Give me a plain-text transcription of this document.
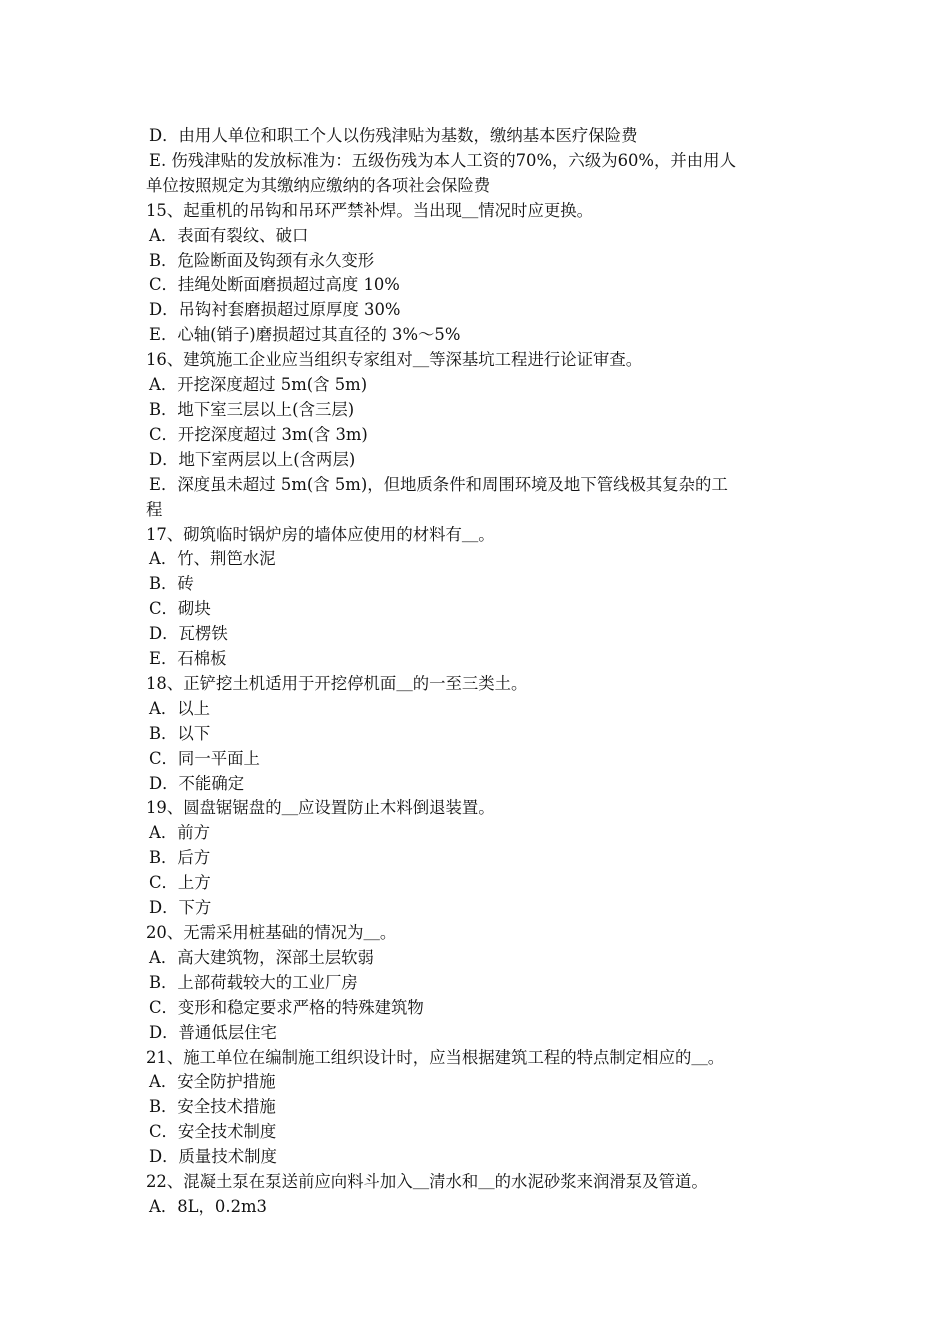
D．由用人单位和职工个人以伤残津贴为基数，缴纳基本医疗保险费
E. 伤残津贴的发放标准为：五级伤残为本人工资的70%，六级为60%，并由用人
单位按照规定为其缴纳应缴纳的各项社会保险费
15、起重机的吊钩和吊环严禁补焊。当出现＿情况时应更换。
A．表面有裂纹、破口
B．危险断面及钩颈有永久变形
C．挂绳处断面磨损超过高度 10%
D．吊钩衬套磨损超过原厚度 30%
E．心轴(销子)磨损超过其直径的 3%～5%
16、建筑施工企业应当组织专家组对＿等深基坑工程进行论证审查。
A．开挖深度超过 5m(含 5m)
B．地下室三层以上(含三层)
C．开挖深度超过 3m(含 3m)
D．地下室两层以上(含两层)
E．深度虽未超过 5m(含 5m)，但地质条件和周围环境及地下管线极其复杂的工
程
17、砌筑临时锅炉房的墙体应使用的材料有＿。
A．竹、荆笆水泥
B．砖
C．砌块
D．瓦楞铁
E．石棉板
18、正铲挖土机适用于开挖停机面＿的一至三类土。
A．以上
B．以下
C．同一平面上
D．不能确定
19、圆盘锯锯盘的＿应设置防止木料倒退装置。
A．前方
B．后方
C．上方
D．下方
20、无需采用桩基础的情况为＿。
A．高大建筑物，深部土层软弱
B．上部荷载较大的工业厂房
C．变形和稳定要求严格的特殊建筑物
D．普通低层住宅
21、施工单位在编制施工组织设计时，应当根据建筑工程的特点制定相应的＿。
A．安全防护措施
B．安全技术措施
C．安全技术制度
D．质量技术制度
22、混凝土泵在泵送前应向料斗加入＿清水和＿的水泥砂浆来润滑泵及管道。
A．8L，0.2m3
